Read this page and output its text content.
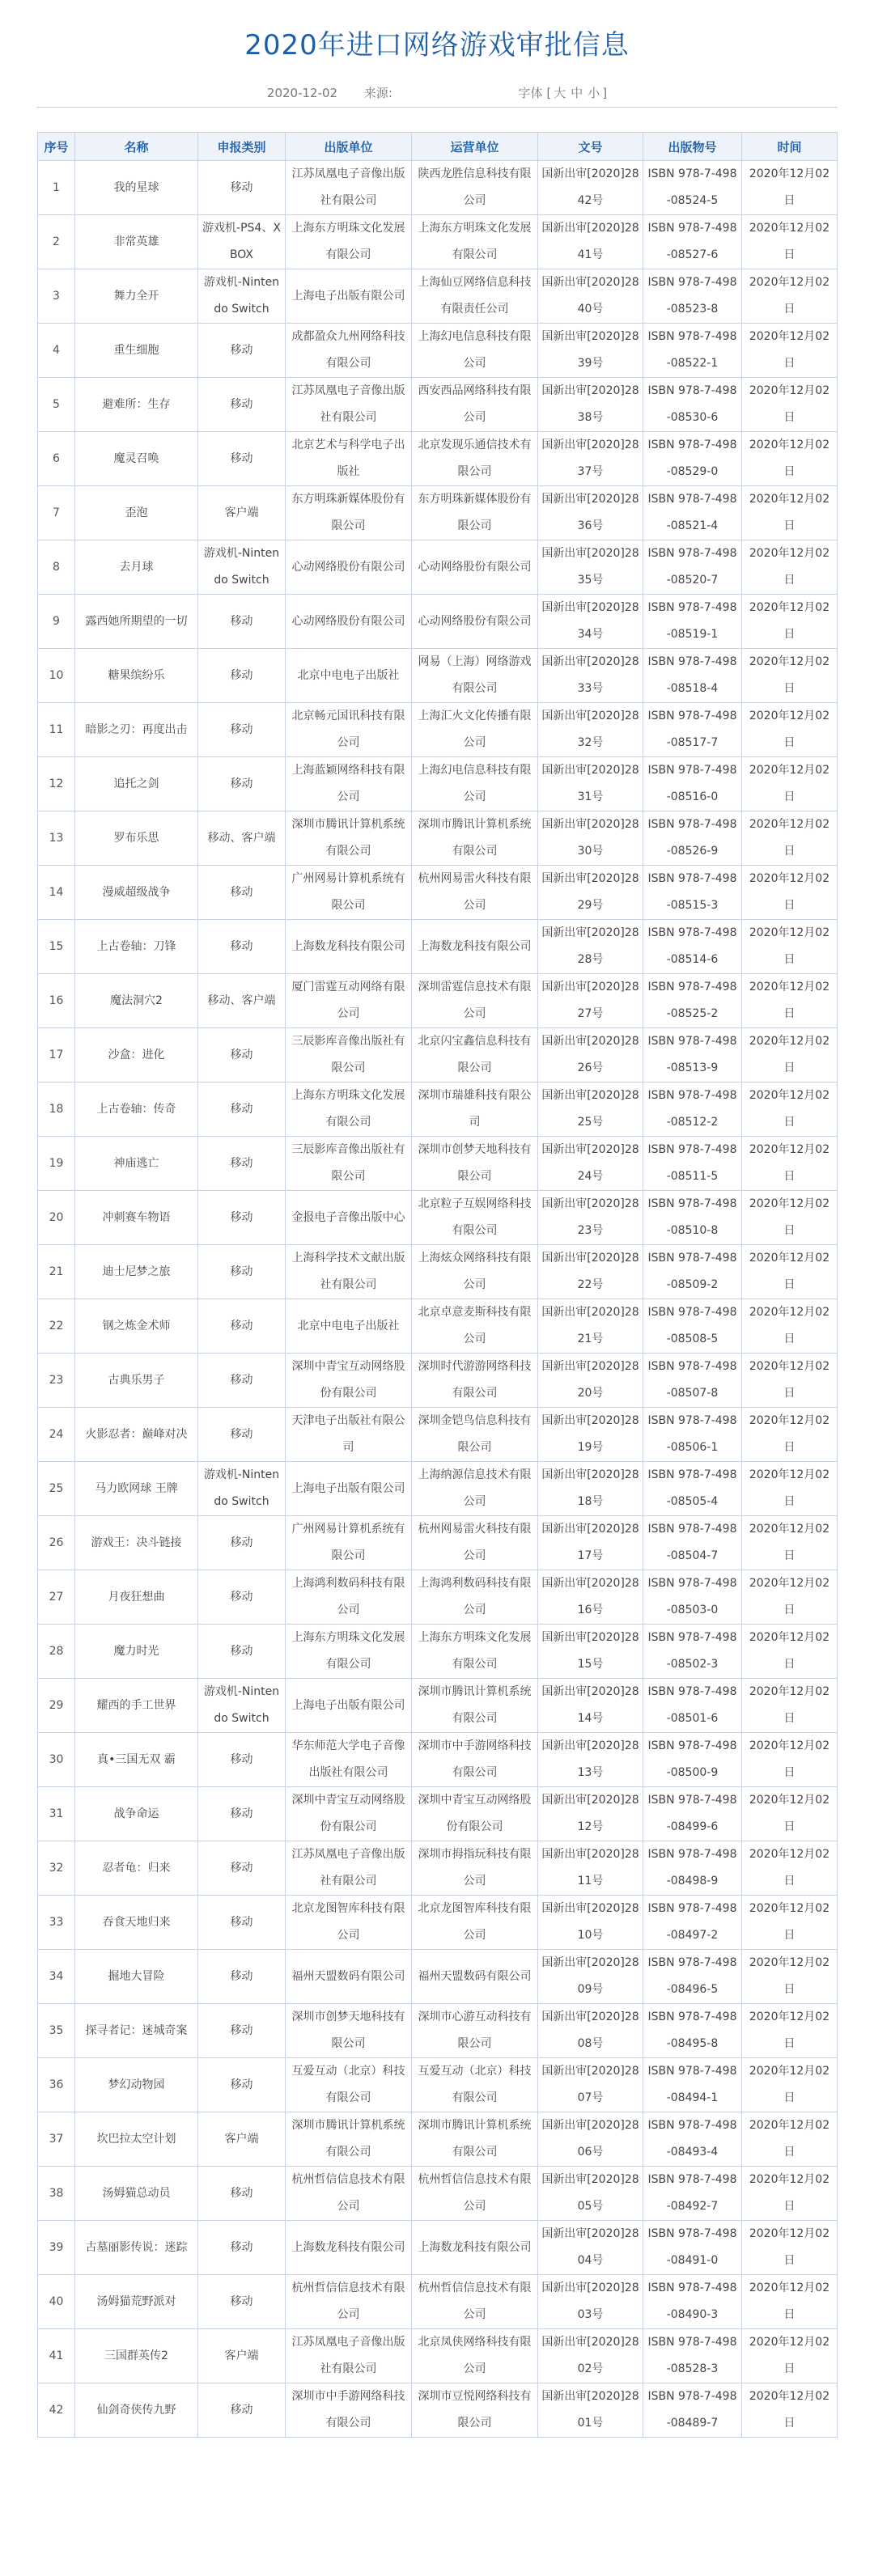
2020年进口网络游戏审批信息
2020-12-02 来源:	字体 [ 大 中 小 ]
序号	名称	申报类别	出版单位	运营单位	文号	出版物号	时间
1	我的星球	移动	江苏凤凰电子音像出版社有限公司	陕西龙胜信息科技有限公司	国新出审[2020]2842号	ISBN 978-7-498-08524-5	2020年12月02日
2	非常英雄	游戏机-PS4、XBOX	上海东方明珠文化发展有限公司	上海东方明珠文化发展有限公司	国新出审[2020]2841号	ISBN 978-7-498-08527-6	2020年12月02日
3	舞力全开	游戏机-Nintendo Switch	上海电子出版有限公司	上海仙豆网络信息科技有限责任公司	国新出审[2020]2840号	ISBN 978-7-498-08523-8	2020年12月02日
4	重生细胞	移动	成都盈众九州网络科技有限公司	上海幻电信息科技有限公司	国新出审[2020]2839号	ISBN 978-7-498-08522-1	2020年12月02日
5	避难所：生存	移动	江苏凤凰电子音像出版社有限公司	西安西品网络科技有限公司	国新出审[2020]2838号	ISBN 978-7-498-08530-6	2020年12月02日
6	魔灵召唤	移动	北京艺术与科学电子出版社	北京发现乐通信技术有限公司	国新出审[2020]2837号	ISBN 978-7-498-08529-0	2020年12月02日
7	歪泡	客户端	东方明珠新媒体股份有限公司	东方明珠新媒体股份有限公司	国新出审[2020]2836号	ISBN 978-7-498-08521-4	2020年12月02日
8	去月球	游戏机-Nintendo Switch	心动网络股份有限公司	心动网络股份有限公司	国新出审[2020]2835号	ISBN 978-7-498-08520-7	2020年12月02日
9	露西她所期望的一切	移动	心动网络股份有限公司	心动网络股份有限公司	国新出审[2020]2834号	ISBN 978-7-498-08519-1	2020年12月02日
10	糖果缤纷乐	移动	北京中电电子出版社	网易（上海）网络游戏有限公司	国新出审[2020]2833号	ISBN 978-7-498-08518-4	2020年12月02日
11	暗影之刃：再度出击	移动	北京畅元国讯科技有限公司	上海汇火文化传播有限公司	国新出审[2020]2832号	ISBN 978-7-498-08517-7	2020年12月02日
12	追托之剑	移动	上海蓝颖网络科技有限公司	上海幻电信息科技有限公司	国新出审[2020]2831号	ISBN 978-7-498-08516-0	2020年12月02日
13	罗布乐思	移动、客户端	深圳市腾讯计算机系统有限公司	深圳市腾讯计算机系统有限公司	国新出审[2020]2830号	ISBN 978-7-498-08526-9	2020年12月02日
14	漫威超级战争	移动	广州网易计算机系统有限公司	杭州网易雷火科技有限公司	国新出审[2020]2829号	ISBN 978-7-498-08515-3	2020年12月02日
15	上古卷轴：刀锋	移动	上海数龙科技有限公司	上海数龙科技有限公司	国新出审[2020]2828号	ISBN 978-7-498-08514-6	2020年12月02日
16	魔法洞穴2	移动、客户端	厦门雷霆互动网络有限公司	深圳雷霆信息技术有限公司	国新出审[2020]2827号	ISBN 978-7-498-08525-2	2020年12月02日
17	沙盒：进化	移动	三辰影库音像出版社有限公司	北京闪宝鑫信息科技有限公司	国新出审[2020]2826号	ISBN 978-7-498-08513-9	2020年12月02日
18	上古卷轴：传奇	移动	上海东方明珠文化发展有限公司	深圳市瑞雄科技有限公司	国新出审[2020]2825号	ISBN 978-7-498-08512-2	2020年12月02日
19	神庙逃亡	移动	三辰影库音像出版社有限公司	深圳市创梦天地科技有限公司	国新出审[2020]2824号	ISBN 978-7-498-08511-5	2020年12月02日
20	冲刺赛车物语	移动	金报电子音像出版中心	北京粒子互娱网络科技有限公司	国新出审[2020]2823号	ISBN 978-7-498-08510-8	2020年12月02日
21	迪士尼梦之旅	移动	上海科学技术文献出版社有限公司	上海炫众网络科技有限公司	国新出审[2020]2822号	ISBN 978-7-498-08509-2	2020年12月02日
22	钢之炼金术师	移动	北京中电电子出版社	北京卓意麦斯科技有限公司	国新出审[2020]2821号	ISBN 978-7-498-08508-5	2020年12月02日
23	古典乐男子	移动	深圳中青宝互动网络股份有限公司	深圳时代游游网络科技有限公司	国新出审[2020]2820号	ISBN 978-7-498-08507-8	2020年12月02日
24	火影忍者：巅峰对决	移动	天津电子出版社有限公司	深圳金铠鸟信息科技有限公司	国新出审[2020]2819号	ISBN 978-7-498-08506-1	2020年12月02日
25	马力欧网球 王牌	游戏机-Nintendo Switch	上海电子出版有限公司	上海纳源信息技术有限公司	国新出审[2020]2818号	ISBN 978-7-498-08505-4	2020年12月02日
26	游戏王：决斗链接	移动	广州网易计算机系统有限公司	杭州网易雷火科技有限公司	国新出审[2020]2817号	ISBN 978-7-498-08504-7	2020年12月02日
27	月夜狂想曲	移动	上海鸿利数码科技有限公司	上海鸿利数码科技有限公司	国新出审[2020]2816号	ISBN 978-7-498-08503-0	2020年12月02日
28	魔力时光	移动	上海东方明珠文化发展有限公司	上海东方明珠文化发展有限公司	国新出审[2020]2815号	ISBN 978-7-498-08502-3	2020年12月02日
29	耀西的手工世界	游戏机-Nintendo Switch	上海电子出版有限公司	深圳市腾讯计算机系统有限公司	国新出审[2020]2814号	ISBN 978-7-498-08501-6	2020年12月02日
30	真•三国无双 霸	移动	华东师范大学电子音像出版社有限公司	深圳市中手游网络科技有限公司	国新出审[2020]2813号	ISBN 978-7-498-08500-9	2020年12月02日
31	战争命运	移动	深圳中青宝互动网络股份有限公司	深圳中青宝互动网络股份有限公司	国新出审[2020]2812号	ISBN 978-7-498-08499-6	2020年12月02日
32	忍者龟：归来	移动	江苏凤凰电子音像出版社有限公司	深圳市拇指玩科技有限公司	国新出审[2020]2811号	ISBN 978-7-498-08498-9	2020年12月02日
33	吞食天地归来	移动	北京龙图智库科技有限公司	北京龙图智库科技有限公司	国新出审[2020]2810号	ISBN 978-7-498-08497-2	2020年12月02日
34	掘地大冒险	移动	福州天盟数码有限公司	福州天盟数码有限公司	国新出审[2020]2809号	ISBN 978-7-498-08496-5	2020年12月02日
35	探寻者记：迷城奇案	移动	深圳市创梦天地科技有限公司	深圳市心游互动科技有限公司	国新出审[2020]2808号	ISBN 978-7-498-08495-8	2020年12月02日
36	梦幻动物园	移动	互爱互动（北京）科技有限公司	互爱互动（北京）科技有限公司	国新出审[2020]2807号	ISBN 978-7-498-08494-1	2020年12月02日
37	坎巴拉太空计划	客户端	深圳市腾讯计算机系统有限公司	深圳市腾讯计算机系统有限公司	国新出审[2020]2806号	ISBN 978-7-498-08493-4	2020年12月02日
38	汤姆猫总动员	移动	杭州哲信信息技术有限公司	杭州哲信信息技术有限公司	国新出审[2020]2805号	ISBN 978-7-498-08492-7	2020年12月02日
39	古墓丽影传说：迷踪	移动	上海数龙科技有限公司	上海数龙科技有限公司	国新出审[2020]2804号	ISBN 978-7-498-08491-0	2020年12月02日
40	汤姆猫荒野派对	移动	杭州哲信信息技术有限公司	杭州哲信信息技术有限公司	国新出审[2020]2803号	ISBN 978-7-498-08490-3	2020年12月02日
41	三国群英传2	客户端	江苏凤凰电子音像出版社有限公司	北京凤侠网络科技有限公司	国新出审[2020]2802号	ISBN 978-7-498-08528-3	2020年12月02日
42	仙剑奇侠传九野	移动	深圳市中手游网络科技有限公司	深圳市豆悦网络科技有限公司	国新出审[2020]2801号	ISBN 978-7-498-08489-7	2020年12月02日
